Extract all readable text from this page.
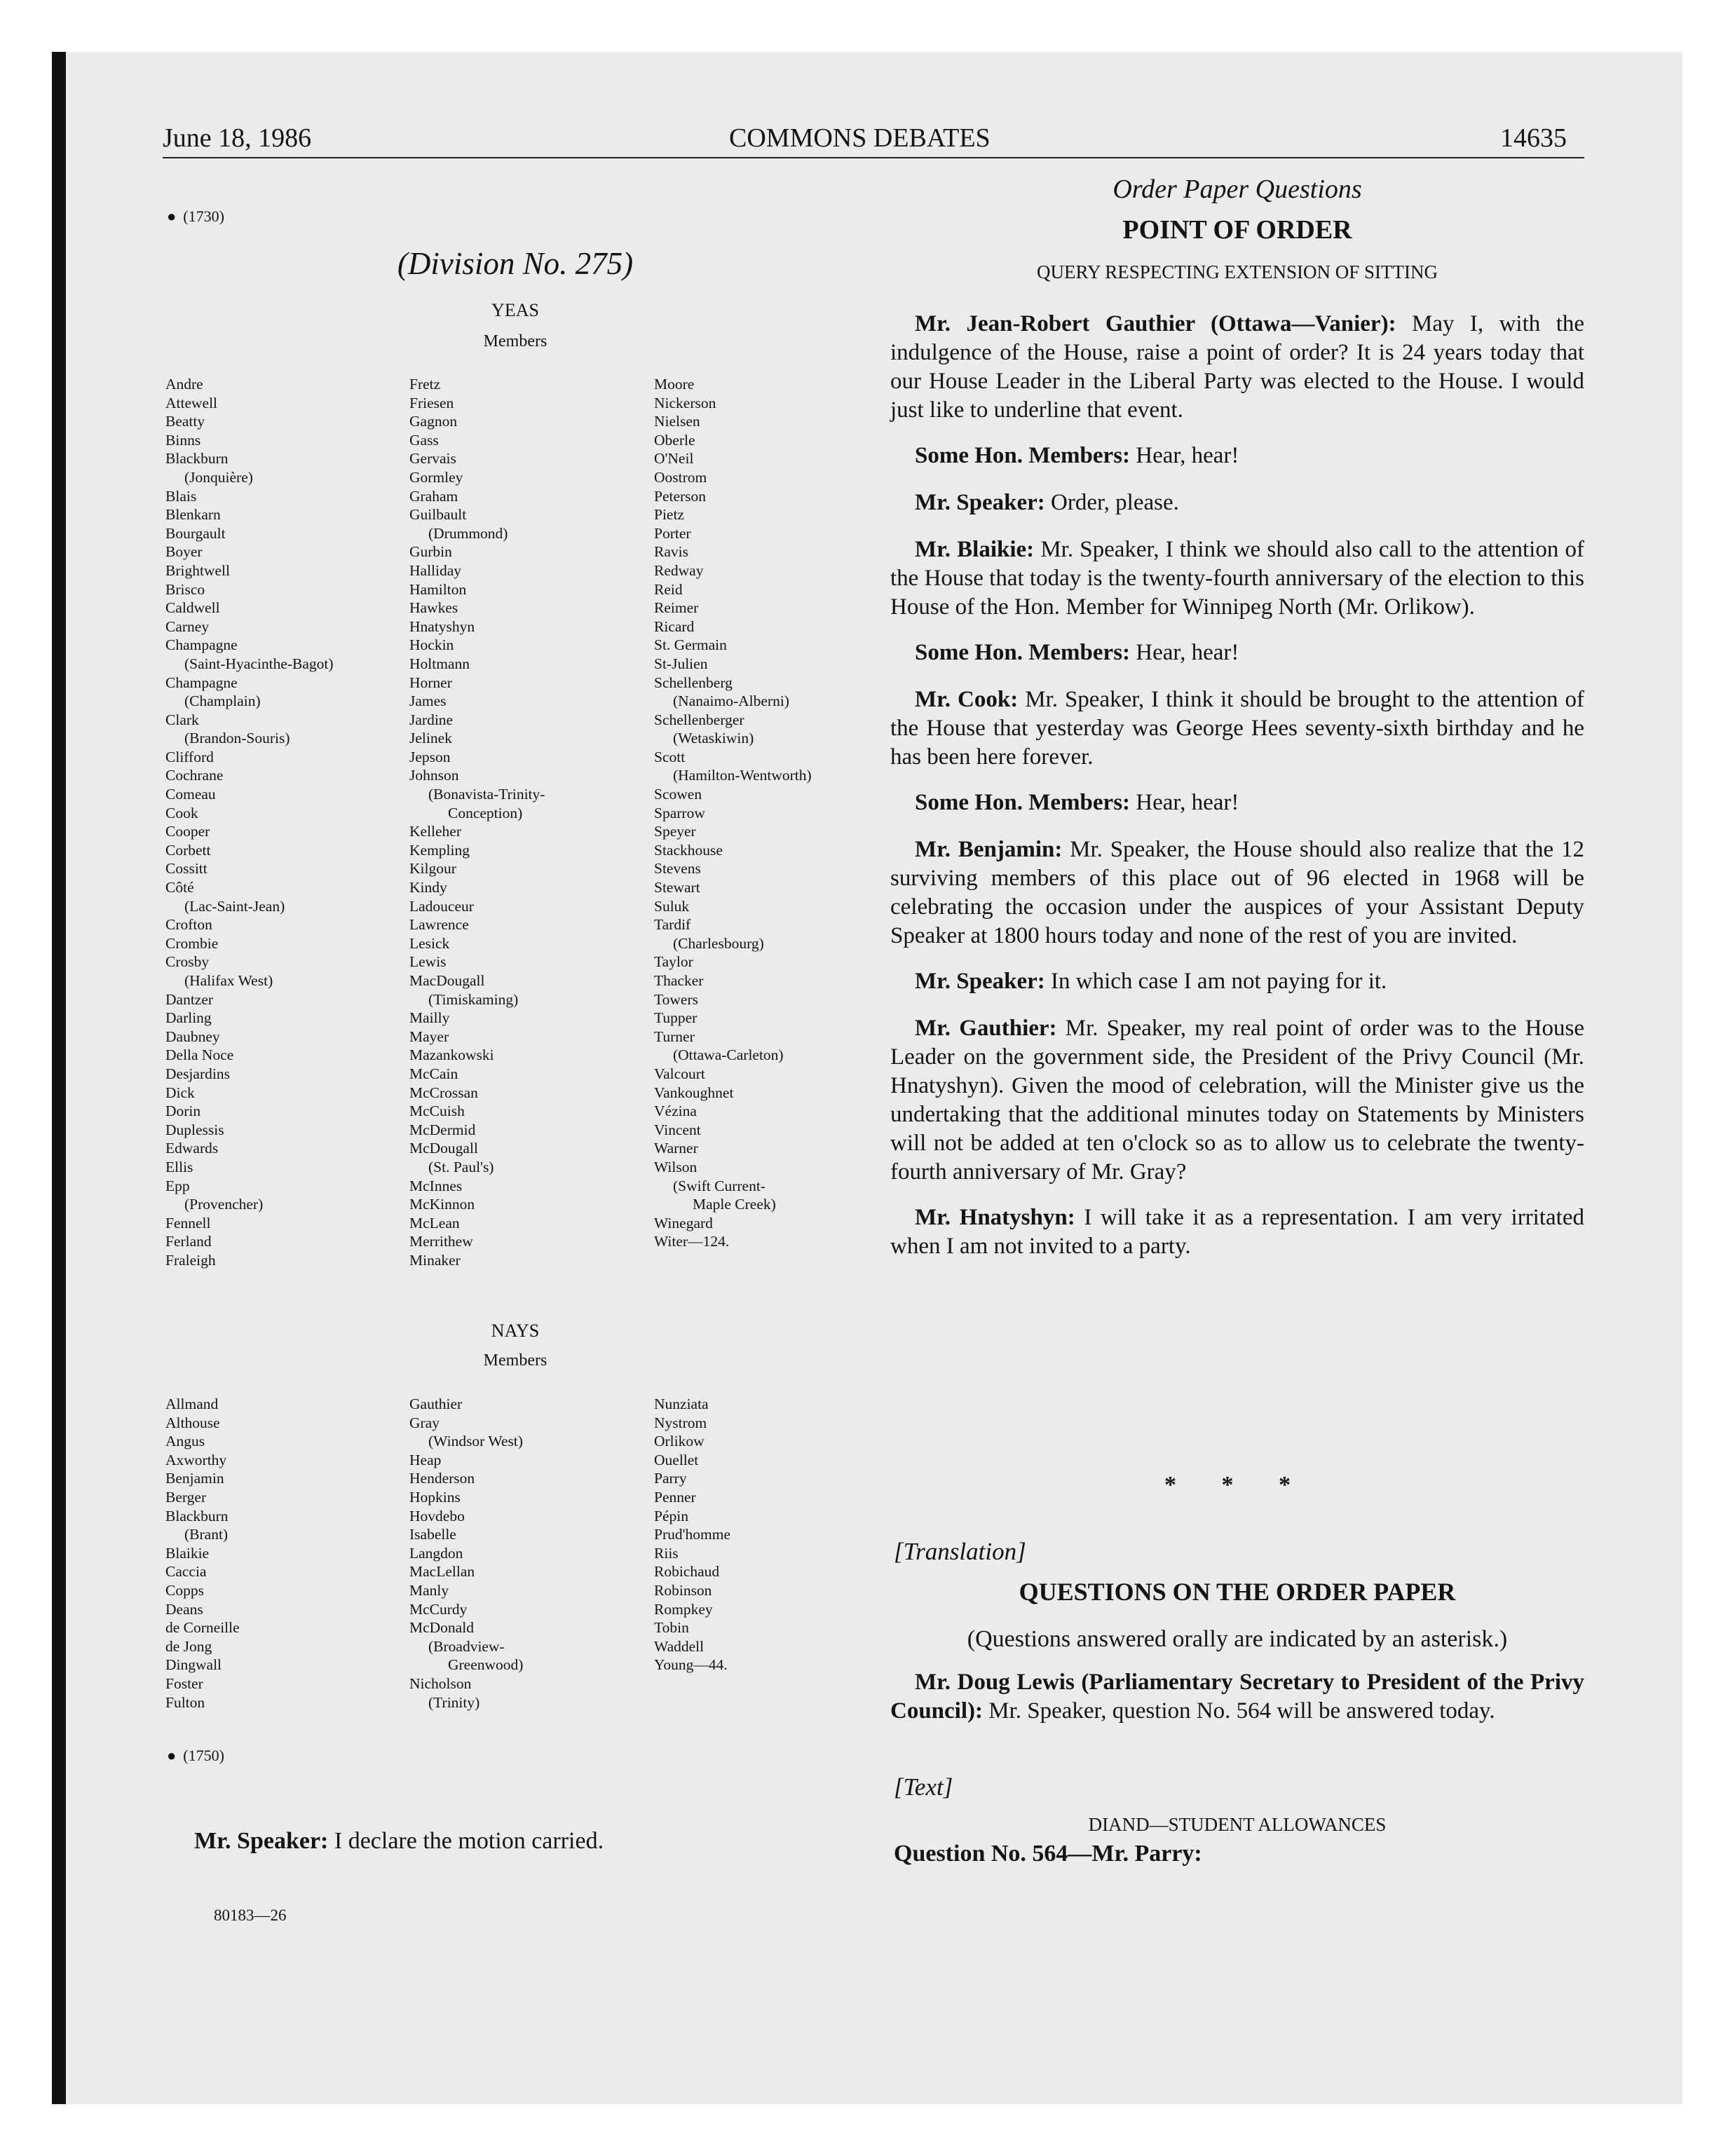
June 18, 1986	COMMONS DEBATES	14635
● (1730)
(Division No. 275)
YEAS
Members
Andre
Attewell
Beatty
Binns
Blackburn
(Jonquière)
Blais
Blenkarn
Bourgault
Boyer
Brightwell
Brisco
Caldwell
Carney
Champagne
(Saint-Hyacinthe-Bagot)
Champagne
(Champlain)
Clark
(Brandon-Souris)
Clifford
Cochrane
Comeau
Cook
Cooper
Corbett
Cossitt
Côté
(Lac-Saint-Jean)
Crofton
Crombie
Crosby
(Halifax West)
Dantzer
Darling
Daubney
Della Noce
Desjardins
Dick
Dorin
Duplessis
Edwards
Ellis
Epp
(Provencher)
Fennell
Ferland
Fraleigh
Fretz
Friesen
Gagnon
Gass
Gervais
Gormley
Graham
Guilbault
(Drummond)
Gurbin
Halliday
Hamilton
Hawkes
Hnatyshyn
Hockin
Holtmann
Horner
James
Jardine
Jelinek
Jepson
Johnson
(Bonavista-Trinity-
Conception)
Kelleher
Kempling
Kilgour
Kindy
Ladouceur
Lawrence
Lesick
Lewis
MacDougall
(Timiskaming)
Mailly
Mayer
Mazankowski
McCain
McCrossan
McCuish
McDermid
McDougall
(St. Paul's)
McInnes
McKinnon
McLean
Merrithew
Minaker
Moore
Nickerson
Nielsen
Oberle
O'Neil
Oostrom
Peterson
Pietz
Porter
Ravis
Redway
Reid
Reimer
Ricard
St. Germain
St-Julien
Schellenberg
(Nanaimo-Alberni)
Schellenberger
(Wetaskiwin)
Scott
(Hamilton-Wentworth)
Scowen
Sparrow
Speyer
Stackhouse
Stevens
Stewart
Suluk
Tardif
(Charlesbourg)
Taylor
Thacker
Towers
Tupper
Turner
(Ottawa-Carleton)
Valcourt
Vankoughnet
Vézina
Vincent
Warner
Wilson
(Swift Current-
Maple Creek)
Winegard
Witer—124.
NAYS
Members
Allmand
Althouse
Angus
Axworthy
Benjamin
Berger
Blackburn
(Brant)
Blaikie
Caccia
Copps
Deans
de Corneille
de Jong
Dingwall
Foster
Fulton
Gauthier
Gray
(Windsor West)
Heap
Henderson
Hopkins
Hovdebo
Isabelle
Langdon
MacLellan
Manly
McCurdy
McDonald
(Broadview-
Greenwood)
Nicholson
(Trinity)
Nunziata
Nystrom
Orlikow
Ouellet
Parry
Penner
Pépin
Prud'homme
Riis
Robichaud
Robinson
Rompkey
Tobin
Waddell
Young—44.
● (1750)
Mr. Speaker: I declare the motion carried.
80183—26
Order Paper Questions
POINT OF ORDER
QUERY RESPECTING EXTENSION OF SITTING

Mr. Jean-Robert Gauthier (Ottawa—Vanier): May I, with the indulgence of the House, raise a point of order? It is 24 years today that our House Leader in the Liberal Party was elected to the House. I would just like to underline that event.

Some Hon. Members: Hear, hear!

Mr. Speaker: Order, please.

Mr. Blaikie: Mr. Speaker, I think we should also call to the attention of the House that today is the twenty-fourth anniversary of the election to this House of the Hon. Member for Winnipeg North (Mr. Orlikow).

Some Hon. Members: Hear, hear!

Mr. Cook: Mr. Speaker, I think it should be brought to the attention of the House that yesterday was George Hees seventy-sixth birthday and he has been here forever.

Some Hon. Members: Hear, hear!

Mr. Benjamin: Mr. Speaker, the House should also realize that the 12 surviving members of this place out of 96 elected in 1968 will be celebrating the occasion under the auspices of your Assistant Deputy Speaker at 1800 hours today and none of the rest of you are invited.

Mr. Speaker: In which case I am not paying for it.

Mr. Gauthier: Mr. Speaker, my real point of order was to the House Leader on the government side, the President of the Privy Council (Mr. Hnatyshyn). Given the mood of celebration, will the Minister give us the undertaking that the additional minutes today on Statements by Ministers will not be added at ten o'clock so as to allow us to celebrate the twenty-fourth anniversary of Mr. Gray?

Mr. Hnatyshyn: I will take it as a representation. I am very irritated when I am not invited to a party.

* * *
[Translation]
QUESTIONS ON THE ORDER PAPER
(Questions answered orally are indicated by an asterisk.)

Mr. Doug Lewis (Parliamentary Secretary to President of the Privy Council): Mr. Speaker, question No. 564 will be answered today.

[Text]
DIAND—STUDENT ALLOWANCES
Question No. 564—Mr. Parry:
